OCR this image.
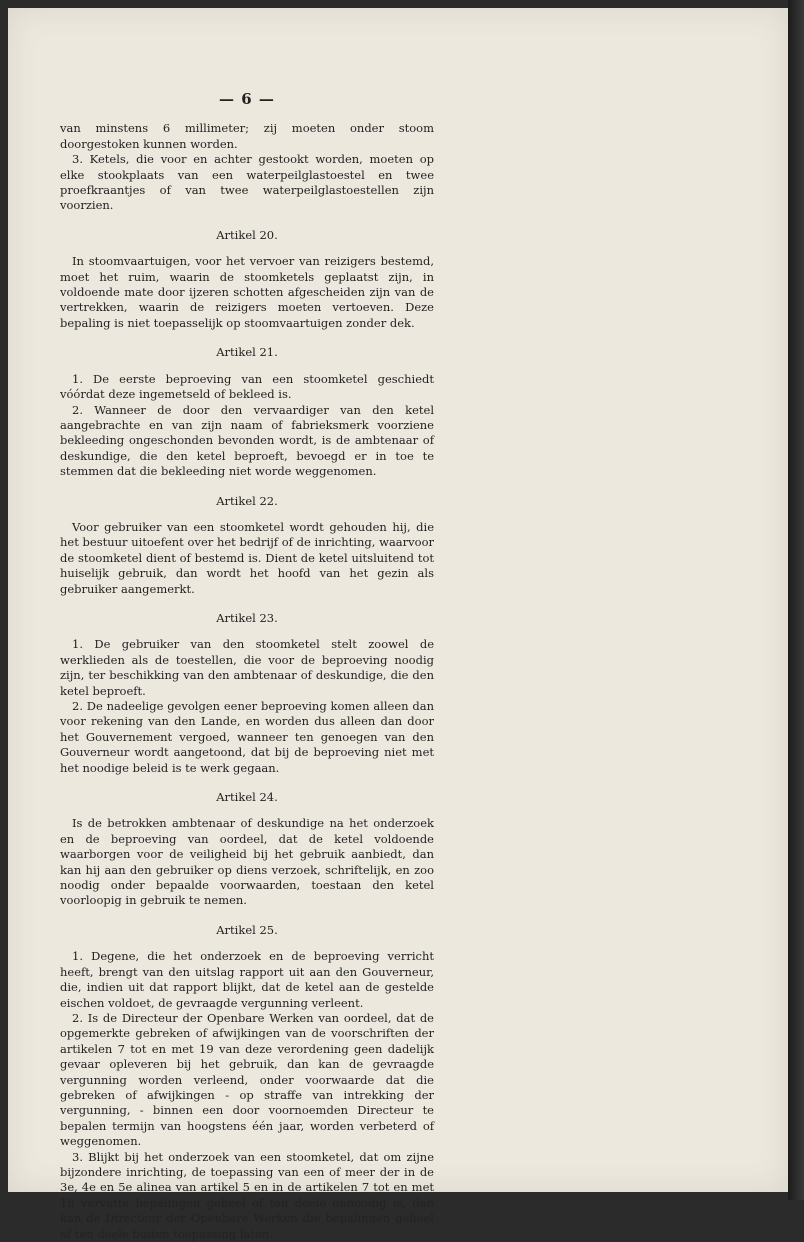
— 6 —

van minstens 6 millimeter; zij moeten onder stoom doorgestoken kunnen worden.

3. Ketels, die voor en achter gestookt worden, moeten op elke stookplaats van een waterpeilglastoestel en twee proefkraantjes of van twee waterpeilglastoestellen zijn voorzien.

Artikel 20.

In stoomvaartuigen, voor het vervoer van reizigers bestemd, moet het ruim, waarin de stoomketels geplaatst zijn, in voldoende mate door ijzeren schotten afgescheiden zijn van de vertrekken, waarin de reizigers moeten vertoeven. Deze bepaling is niet toepasselijk op stoomvaartuigen zonder dek.

Artikel 21.

1. De eerste beproeving van een stoomketel geschiedt vóórdat deze ingemetseld of bekleed is.

2. Wanneer de door den vervaardiger van den ketel aangebrachte en van zijn naam of fabrieksmerk voorziene bekleeding ongeschonden bevonden wordt, is de ambtenaar of deskundige, die den ketel beproeft, bevoegd er in toe te stemmen dat die bekleeding niet worde weggenomen.

Artikel 22.

Voor gebruiker van een stoomketel wordt gehouden hij, die het bestuur uitoefent over het bedrijf of de inrichting, waarvoor de stoomketel dient of bestemd is. Dient de ketel uitsluitend tot huiselijk gebruik, dan wordt het hoofd van het gezin als gebruiker aangemerkt.

Artikel 23.

1. De gebruiker van den stoomketel stelt zoowel de werklieden als de toestellen, die voor de beproeving noodig zijn, ter beschikking van den ambtenaar of deskundige, die den ketel beproeft.

2. De nadeelige gevolgen eener beproeving komen alleen dan voor rekening van den Lande, en worden dus alleen dan door het Gouvernement vergoed, wanneer ten genoegen van den Gouverneur wordt aangetoond, dat bij de beproeving niet met het noodige beleid is te werk gegaan.

Artikel 24.

Is de betrokken ambtenaar of deskundige na het onderzoek en de beproeving van oordeel, dat de ketel voldoende waarborgen voor de veiligheid bij het gebruik aanbiedt, dan kan hij aan den gebruiker op diens verzoek, schriftelijk, en zoo noodig onder bepaalde voorwaarden, toestaan den ketel voorloopig in gebruik te nemen.

Artikel 25.

1. Degene, die het onderzoek en de beproeving verricht heeft, brengt van den uitslag rapport uit aan den Gouverneur, die, indien uit dat rapport blijkt, dat de ketel aan de gestelde eischen voldoet, de gevraagde vergunning verleent.

2. Is de Directeur der Openbare Werken van oordeel, dat de opgemerkte gebreken of afwijkingen van de voorschriften der artikelen 7 tot en met 19 van deze verordening geen dadelijk gevaar opleveren bij het gebruik, dan kan de gevraagde vergunning worden verleend, onder voorwaarde dat die gebreken of afwijkingen - op straffe van intrekking der vergunning, - binnen een door voornoemden Directeur te bepalen termijn van hoogstens één jaar, worden verbeterd of weggenomen.

3. Blijkt bij het onderzoek van een stoomketel, dat om zijne bijzondere inrichting, de toepassing van een of meer der in de 3e, 4e en 5e alinea van artikel 5 en in de artikelen 7 tot en met 18 vervatte bepalingen geheel of ten deele onnoodig is, dan kan de Directeur der Openbare Werken die bepalingen geheel of ten deele buiten toepassing laten.
